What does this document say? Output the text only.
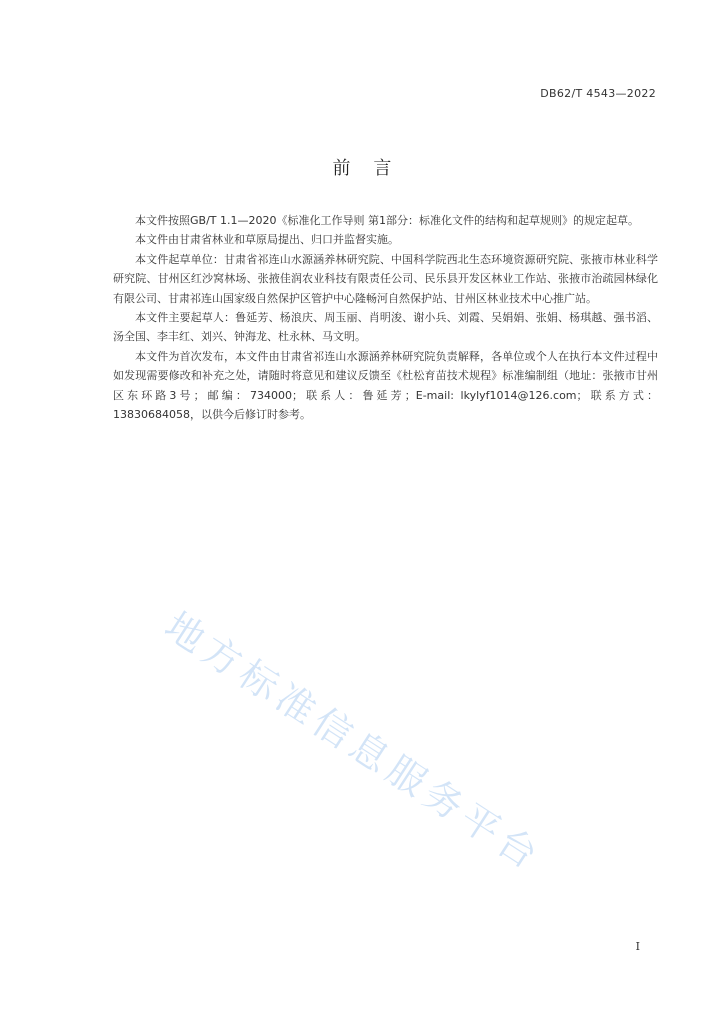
DB62/T 4543—2022
前    言

本文件按照GB/T 1.1—2020《标准化工作导则 第1部分：标准化文件的结构和起草规则》的规定起草。

本文件由甘肃省林业和草原局提出、归口并监督实施。

本文件起草单位：甘肃省祁连山水源涵养林研究院、中国科学院西北生态环境资源研究院、张掖市林业科学研究院、甘州区红沙窝林场、张掖佳润农业科技有限责任公司、民乐县开发区林业工作站、张掖市治疏园林绿化有限公司、甘肃祁连山国家级自然保护区管护中心隆畅河自然保护站、甘州区林业技术中心推广站。

本文件主要起草人：鲁延芳、杨浪庆、周玉丽、肖明浚、谢小兵、刘霞、吴娟娟、张娟、杨琪越、强书滔、汤全国、李丰红、刘兴、钟海龙、杜永林、马文明。

本文件为首次发布，本文件由甘肃省祁连山水源涵养林研究院负责解释，各单位或个人在执行本文件过程中如发现需要修改和补充之处，请随时将意见和建议反馈至《杜松育苗技术规程》标准编制组（地址：张掖市甘州区东环路3号；邮编：734000；联系人：鲁延芳；E-mail: lkylyf1014@126.com；联系方式：13830684058，以供今后修订时参考。

地方标准信息服务平台
I
